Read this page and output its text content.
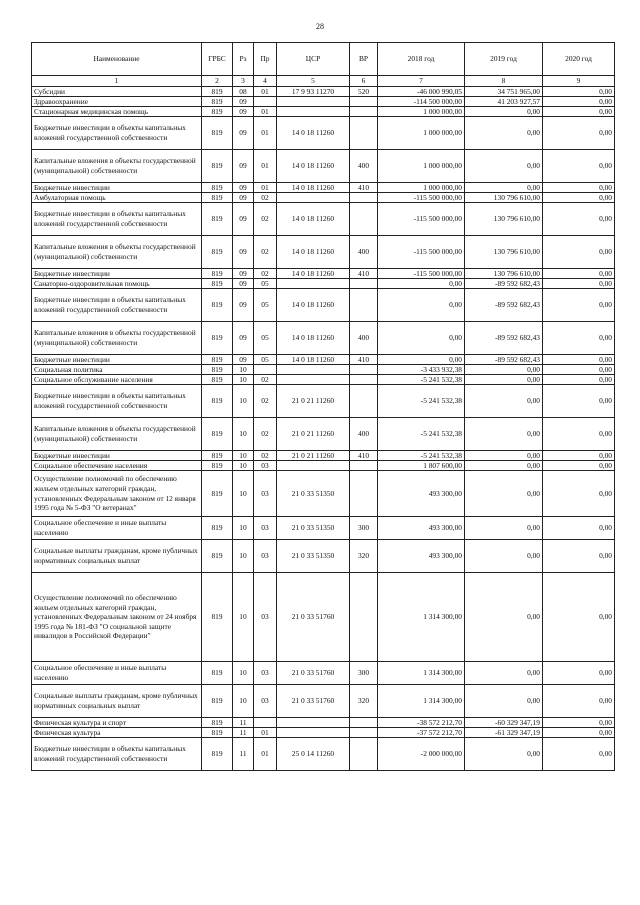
28
Наименование	ГРБС	Рз	Пр	ЦСР	ВР	2018 год	2019 год	2020 год
1	2	3	4	5	6	7	8	9
Субсидии	819	08	01	17 9 93 11270	520	-46 000 990,05	34 751 965,00	0,00
Здравоохранение	819	09				-114 500 000,00	41 203 927,57	0,00
Стационарная медицинская помощь	819	09	01			1 000 000,00	0,00	0,00
Бюджетные инвестиции в объекты капитальных вложений государственной собственности	819	09	01	14 0 18 11260		1 000 000,00	0,00	0,00
Капитальные вложения в объекты государственной (муниципальной) собственности	819	09	01	14 0 18 11260	400	1 000 000,00	0,00	0,00
Бюджетные инвестиции	819	09	01	14 0 18 11260	410	1 000 000,00	0,00	0,00
Амбулаторная помощь	819	09	02			-115 500 000,00	130 796 610,00	0,00
Бюджетные инвестиции в объекты капитальных вложений государственной собственности	819	09	02	14 0 18 11260		-115 500 000,00	130 796 610,00	0,00
Капитальные вложения в объекты государственной (муниципальной) собственности	819	09	02	14 0 18 11260	400	-115 500 000,00	130 796 610,00	0,00
Бюджетные инвестиции	819	09	02	14 0 18 11260	410	-115 500 000,00	130 796 610,00	0,00
Санаторно-оздоровительная помощь	819	09	05			0,00	-89 592 682,43	0,00
Бюджетные инвестиции в объекты капитальных вложений государственной собственности	819	09	05	14 0 18 11260		0,00	-89 592 682,43	0,00
Капитальные вложения в объекты государственной (муниципальной) собственности	819	09	05	14 0 18 11260	400	0,00	-89 592 682,43	0,00
Бюджетные инвестиции	819	09	05	14 0 18 11260	410	0,00	-89 592 682,43	0,00
Социальная политика	819	10				-3 433 932,38	0,00	0,00
Социальное обслуживание населения	819	10	02			-5 241 532,38	0,00	0,00
Бюджетные инвестиции в объекты капитальных вложений государственной собственности	819	10	02	21 0 21 11260		-5 241 532,38	0,00	0,00
Капитальные вложения в объекты государственной (муниципальной) собственности	819	10	02	21 0 21 11260	400	-5 241 532,38	0,00	0,00
Бюджетные инвестиции	819	10	02	21 0 21 11260	410	-5 241 532,38	0,00	0,00
Социальное обеспечение населения	819	10	03			1 807 600,00	0,00	0,00
Осуществление полномочий по обеспечению жильем отдельных категорий граждан, установленных Федеральным законом от 12 января 1995 года № 5-ФЗ "О ветеранах"	819	10	03	21 0 33 51350		493 300,00	0,00	0,00
Социальное обеспечение и иные выплаты населению	819	10	03	21 0 33 51350	300	493 300,00	0,00	0,00
Социальные выплаты гражданам, кроме публичных нормативных социальных выплат	819	10	03	21 0 33 51350	320	493 300,00	0,00	0,00
Осуществление полномочий по обеспечению жильем отдельных категорий граждан, установленных Федеральным законом от 24 ноября 1995 года № 181-ФЗ "О социальной защите инвалидов в Российской Федерации"	819	10	03	21 0 33 51760		1 314 300,00	0,00	0,00
Социальное обеспечение и иные выплаты населению	819	10	03	21 0 33 51760	300	1 314 300,00	0,00	0,00
Социальные выплаты гражданам, кроме публичных нормативных социальных выплат	819	10	03	21 0 33 51760	320	1 314 300,00	0,00	0,00
Физическая культура и спорт	819	11				-38 572 212,70	-60 329 347,19	0,00
Физическая культура	819	11	01			-37 572 212,70	-61 329 347,19	0,00
Бюджетные инвестиции в объекты капитальных вложений государственной собственности	819	11	01	25 0 14 11260		-2 000 000,00	0,00	0,00
